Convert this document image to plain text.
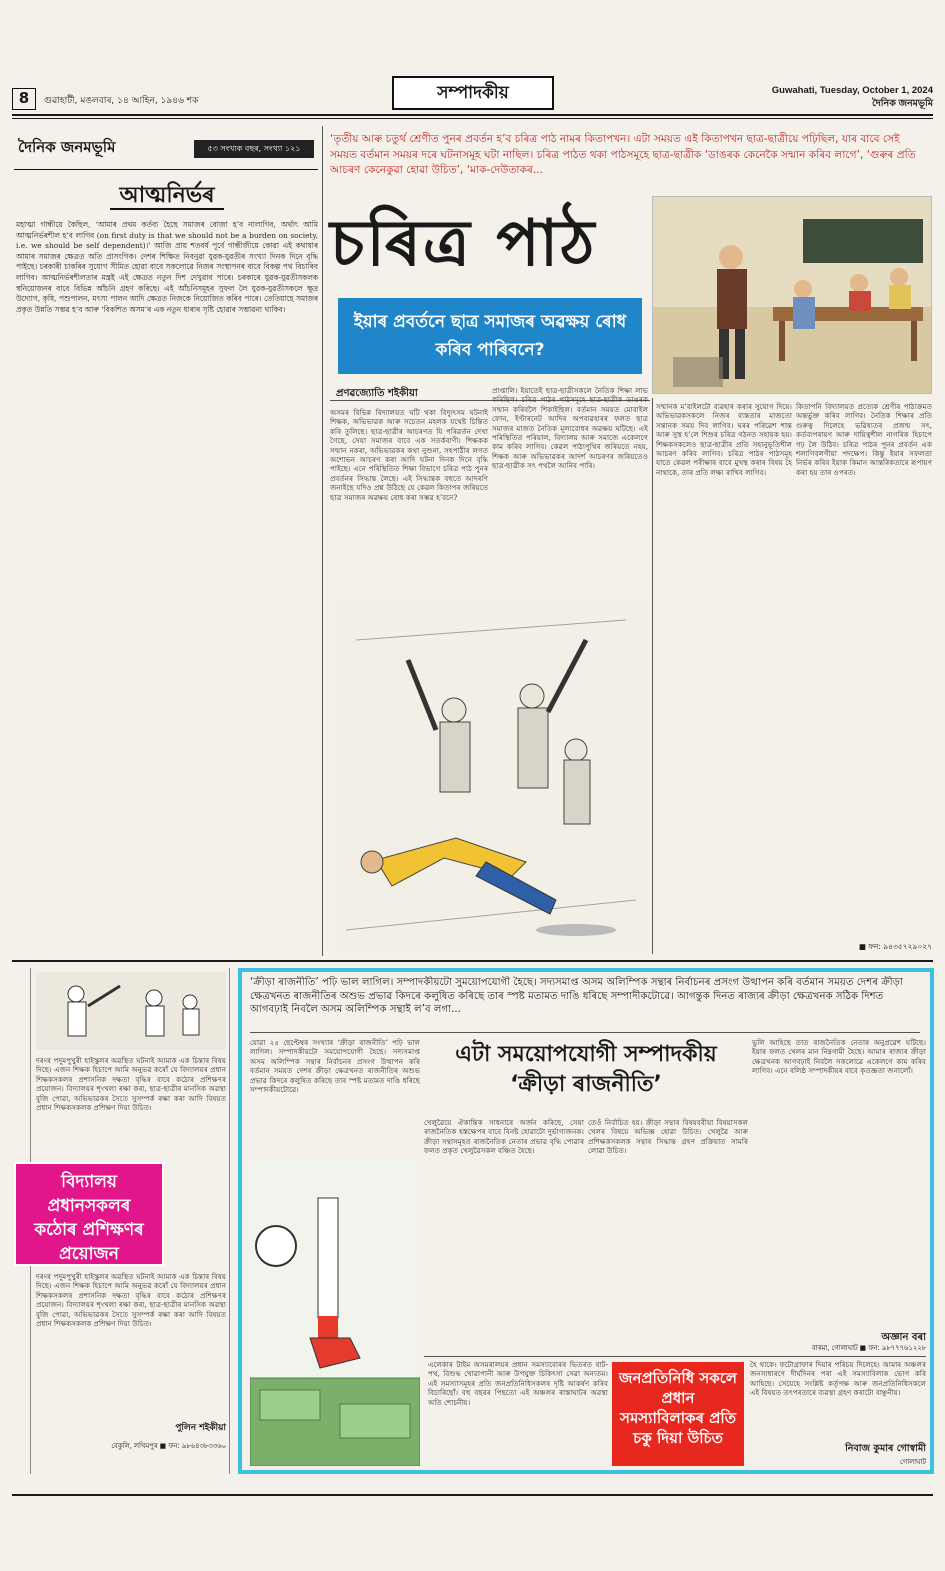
8	গুৱাহাটী, মঙলবাৰ, ১৪ আহিন, ১৯৪৬ শক	সম্পাদকীয়	Guwahati, Tuesday, October 1, 2024
দৈনিক জনমভূমি
দৈনিক জনমভূমি	৫৩ সংখ্যক বছৰ, সংখ্যা ১২১
আত্মনিৰ্ভৰ
মহাত্মা গান্ধীয়ে কৈছিল, ‘আমাৰ প্ৰথম কৰ্তব্য হৈছে সমাজৰ বোজা হ’ব নালাগিব, অৰ্থাৎ আমি আত্মনিৰ্ভৰশীল হ’ব লাগিব (on first duty is that we should not be a burden on society, i.e. we should be self dependent)।’ আজি প্ৰায় শতবৰ্ষ পূৰ্বে গান্ধীজীয়ে কোৱা এই কথাষাৰ আমাৰ সমাজৰ ক্ষেত্ৰত অতি প্ৰাসংগিক। দেশৰ শিক্ষিত নিবনুৱা যুৱক-যুৱতীৰ সংখ্যা দিনক দিনে বৃদ্ধি পাইছে। চৰকাৰী চাকৰিৰ সুযোগ সীমিত হোৱা বাবে সকলোৱে নিজৰ সংস্থাপনৰ বাবে বিকল্প পথ বিচাৰিব লাগিব। আত্মনিৰ্ভৰশীলতাৰ মন্ত্ৰই এই ক্ষেত্ৰত নতুন দিশ দেখুৱাব পাৰে। চৰকাৰে যুৱক-যুৱতীসকলক স্বনিয়োজনৰ বাবে বিভিন্ন আঁচনি গ্ৰহণ কৰিছে। এই আঁচনিসমূহৰ সুফল লৈ যুৱক-যুৱতীসকলে ক্ষুদ্ৰ উদ্যোগ, কৃষি, পশুপালন, মৎস্য পালন আদি ক্ষেত্ৰত নিজকে নিয়োজিত কৰিব পাৰে। তেতিয়াহে সমাজৰ প্ৰকৃত উন্নতি সম্ভৱ হ’ব আৰু ‘বিকশিত অসম’ৰ এক নতুন ধাৰাৰ সৃষ্টি হোৱাৰ সম্ভাৱনা থাকিব।
‘তৃতীয় আৰু চতুৰ্থ শ্ৰেণীত পুনৰ প্ৰবৰ্তন হ’ব চৰিত্ৰ পাঠ নামৰ কিতাপখন। এটা সময়ত এই কিতাপখন ছাত্ৰ-ছাত্ৰীয়ে পঢ়িছিল, যাৰ বাবে সেই সময়ত বৰ্তমান সময়ৰ দৰে ঘটনাসমূহ ঘটা নাছিল। চৰিত্ৰ পাঠত থকা পাঠসমূহে ছাত্ৰ-ছাত্ৰীক ‘ডাঙৰক কেনেকৈ সন্মান কৰিব লাগে’, ‘গুৰুৰ প্ৰতি আচৰণ কেনেকুৱা হোৱা উচিত’, ‘মাক-দেউতাকৰ...
চৰিত্ৰ পাঠ
ইয়াৰ প্ৰবৰ্তনে ছাত্ৰ সমাজৰ অৱক্ষয় ৰোধ কৰিব পাৰিবনে?
প্ৰণৱজ্যোতি শইকীয়া
অসমৰ বিভিন্ন বিদ্যালয়ত ঘটি থকা বিদ্যুৎসম ঘটনাই শিক্ষক, অভিভাৱক আৰু সচেতন মহলক যথেষ্ট চিন্তিত কৰি তুলিছে। ছাত্ৰ-ছাত্ৰীৰ আচৰণত যি পৰিৱৰ্তন দেখা গৈছে, সেয়া সমাজৰ বাবে এক সতৰ্কবাণী। শিক্ষকক সন্মান নকৰা, অভিভাৱকৰ কথা নুশুনা, সহপাঠীৰ লগত অশোভন আচৰণ কৰা আদি ঘটনা দিনক দিনে বৃদ্ধি পাইছে। এনে পৰিস্থিতিত শিক্ষা বিভাগে চৰিত্ৰ পাঠ পুনৰ প্ৰবৰ্তনৰ সিদ্ধান্ত লৈছে। এই সিদ্ধান্তক বহুতে আদৰণি জনাইছে যদিও প্ৰশ্ন উঠিছে যে কেৱল কিতাপৰ জৰিয়তে ছাত্ৰ সমাজৰ অৱক্ষয় ৰোধ কৰা সম্ভৱ হ’বনে?
প্ৰাপ্তালি। ইয়াতেই ছাত্ৰ-ছাত্ৰীসকলে নৈতিক শিক্ষা লাভ কৰিছিল। চৰিত্ৰ পাঠৰ পাঠসমূহে ছাত্ৰ-ছাত্ৰীক ডাঙৰক সন্মান কৰিবলৈ শিকাইছিল। বৰ্তমান সময়ত মোবাইল ফোন, ইণ্টাৰনেট আদিৰ অপব্যৱহাৰৰ ফলত ছাত্ৰ সমাজৰ মাজত নৈতিক মূল্যবোধৰ অৱক্ষয় ঘটিছে। এই পৰিস্থিতিত পৰিয়াল, বিদ্যালয় আৰু সমাজে একেলগে কাম কৰিব লাগিব। কেৱল পাঠ্যপুথিৰ জৰিয়তে নহয়, শিক্ষক আৰু অভিভাৱকৰ আদৰ্শ আচৰণৰ জৰিয়তেও ছাত্ৰ-ছাত্ৰীক সৎ পথলৈ আনিব পাৰি।
সন্মানক ম’বাইলটো ব্যৱহাৰ কৰাৰ সুযোগ দিয়ে। অভিভাৱকসকলে নিজৰ ব্যস্ততাৰ মাজতো সন্তানক সময় দিব লাগিব। ঘৰৰ পৰিৱেশ শান্ত আৰু সুস্থ হ’লে শিশুৰ চৰিত্ৰ গঠনত সহায়ক হয়। শিক্ষকসকলেও ছাত্ৰ-ছাত্ৰীৰ প্ৰতি সহানুভূতিশীল আচৰণ কৰিব লাগিব। চৰিত্ৰ পাঠৰ পাঠসমূহ যাতে কেৱল পৰীক্ষাৰ বাবে মুখস্থ কৰাৰ বিষয় হৈ নাথাকে, তাৰ প্ৰতি লক্ষ্য ৰাখিব লাগিব।
কিতাপনি বিদ্যালয়ত প্ৰত্যেক শ্ৰেণীৰ পাঠ্যক্ৰমত অন্তৰ্ভুক্ত কৰিব লাগিব। নৈতিক শিক্ষাৰ প্ৰতি গুৰুত্ব দিলেহে ভৱিষ্যতৰ প্ৰজন্ম সৎ, কৰ্তব্যপৰায়ণ আৰু দায়িত্বশীল নাগৰিক হিচাপে গঢ় লৈ উঠিব। চৰিত্ৰ পাঠৰ পুনৰ প্ৰবৰ্তন এক শলাগিবলগীয়া পদক্ষেপ। কিন্তু ইয়াৰ সফলতা নিৰ্ভৰ কৰিব ইয়াক কিমান আন্তৰিকতাৰে ৰূপায়ণ কৰা হয় তাৰ ওপৰত।
■ ফন: ৯৪৩৫৭২৯০২৭
দৰংৰ পদুমপুখুৰী হাইস্কুলৰ অৱস্থিত ঘটনাই আমাক এক চিন্তাৰ বিষয় দিছে। এজন শিক্ষক হিচাপে আমি অনুভৱ কৰোঁ যে বিদ্যালয়ৰ প্ৰধান শিক্ষকসকলৰ প্ৰশাসনিক দক্ষতা বৃদ্ধিৰ বাবে কঠোৰ প্ৰশিক্ষণৰ প্ৰয়োজন। বিদ্যালয়ৰ শৃংখলা ৰক্ষা কৰা, ছাত্ৰ-ছাত্ৰীৰ মানসিক অৱস্থা বুজি পোৱা, অভিভাৱকৰ সৈতে সুসম্পৰ্ক ৰক্ষা কৰা আদি বিষয়ত প্ৰধান শিক্ষকসকলক প্ৰশিক্ষণ দিয়া উচিত।
বিদ্যালয় প্ৰধানসকলৰ কঠোৰ প্ৰশিক্ষণৰ প্ৰয়োজন
দৰংৰ পদুমপুখুৰী হাইস্কুলৰ অৱস্থিত ঘটনাই আমাক এক চিন্তাৰ বিষয় দিছে। এজন শিক্ষক হিচাপে আমি অনুভৱ কৰোঁ যে বিদ্যালয়ৰ প্ৰধান শিক্ষকসকলৰ প্ৰশাসনিক দক্ষতা বৃদ্ধিৰ বাবে কঠোৰ প্ৰশিক্ষণৰ প্ৰয়োজন। বিদ্যালয়ৰ শৃংখলা ৰক্ষা কৰা, ছাত্ৰ-ছাত্ৰীৰ মানসিক অৱস্থা বুজি পোৱা, অভিভাৱকৰ সৈতে সুসম্পৰ্ক ৰক্ষা কৰা আদি বিষয়ত প্ৰধান শিক্ষকসকলক প্ৰশিক্ষণ দিয়া উচিত।
পুলিন শইকীয়া
বেকুলি, লখিমপুৰ ■ ফন: ৯৮৬৪৩৮৩৩৬০
‘ক্ৰীড়া ৰাজনীতি’ পঢ়ি ভাল লাগিল। সম্পাদকীয়টো সুময়োপযোগী হৈছে। সদ্যসমাপ্ত অসম অলিম্পিক সন্থাৰ নিৰ্বাচনৰ প্ৰসংগ উত্থাপন কৰি বৰ্তমান সময়ত দেশৰ ক্ৰীড়া ক্ষেত্ৰখনত ৰাজনীতিৰ অশুভ প্ৰভাৱ কিদৰে কলুষিত কৰিছে তাৰ স্পষ্ট মতামত দাঙি ধৰিছে সম্পাদীকটোৱে। আগন্তুক দিনত ৰাজ্যৰ ক্ৰীড়া ক্ষেত্ৰখনক সঠিক দিশত আগবঢ়াই নিবলৈ অসম অলিম্পিক সন্থাই ল’ব লগা...
যোৱা ২৫ ছেপ্টেম্বৰ সংখ্যাৰ ‘ক্ৰীড়া ৰাজনীতি’ পঢ়ি ভাল লাগিল। সম্পাদকীয়টো সময়োপযোগী হৈছে। সদ্যসমাপ্ত অসম অলিম্পিক সন্থাৰ নিৰ্বাচনৰ প্ৰসংগ উত্থাপন কৰি বৰ্তমান সময়ত দেশৰ ক্ৰীড়া ক্ষেত্ৰখনত ৰাজনীতিৰ অশুভ প্ৰভাৱ কিদৰে কলুষিত কৰিছে তাৰ স্পষ্ট মতামত দাঙি ধৰিছে সম্পাদকীয়টোৱে।
এটা সময়োপযোগী সম্পাদকীয় ‘ক্ৰীড়া ৰাজনীতি’
খেলুৱৈয়ে ঐকান্তিক সাধনাৰে অৰ্জন কৰিছে, সেয়া ৰাজনৈতিক হস্তক্ষেপৰ বাবে বিনষ্ট হোৱাটো দুৰ্ভাগ্যজনক। ক্ৰীড়া সন্থাসমূহত ৰাজনৈতিক নেতাৰ প্ৰভাৱ বৃদ্ধি পোৱাৰ ফলত প্ৰকৃত খেলুৱৈসকল বঞ্চিত হৈছে।
তেওঁ নিৰ্বাচিত হয়। ক্ৰীড়া সন্থাৰ বিষয়ববীয়া বিষয়াসকল খেলৰ বিষয়ে অভিজ্ঞ হোৱা উচিত। খেলুৱৈ আৰু প্ৰশিক্ষকসকলক সন্থাৰ সিদ্ধান্ত গ্ৰহণ প্ৰক্ৰিয়াত সামৰি লোৱা উচিত।
ভুলি আহিছে তাত ৰাজনৈতিক নেতাৰ অনুপ্ৰৱেশ ঘটিছে। ইয়াৰ ফলত খেলৰ মান নিম্নগামী হৈছে। আমাৰ ৰাজ্যৰ ক্ৰীড়া ক্ষেত্ৰখনক আগবঢ়াই নিবলৈ সকলোৱে একেলগে কাম কৰিব লাগিব। এনে বলিষ্ঠ সম্পাদকীয়ৰ বাবে কৃতজ্ঞতা জনালোঁ।
অজ্ঞান বৰা
বাৰমা, গোলাঘাট ■ ফন: ৯৮৭৭৭৬১২২৮
এলেকাৰ টাইম অসমৰালয়ৰ প্ৰধান সমস্যাবোৰৰ ভিতৰত বাট-পথ, বিশুদ্ধ খোৱাপানী আৰু উপযুক্ত চিকিৎসা সেৱা অন্যতম। এই সমস্যাসমূহৰ প্ৰতি জনপ্ৰতিনিধিসকলৰ দৃষ্টি আকৰ্ষণ কৰিব বিচাৰিছোঁ। বহু বছৰৰ পিছতো এই অঞ্চলৰ ৰাস্তাঘাটৰ অৱস্থা অতি শোচনীয়।
জনপ্ৰতিনিধি সকলে প্ৰধান সমস্যাবিলাকৰ প্ৰতি চকু দিয়া উচিত
হৈ থাকে। ফটোগ্ৰাফাৰ দিয়াৰ পৰিচয় দিলেহে। আমাৰ অঞ্চলৰ জনসাধাৰণে দীৰ্ঘদিনৰ পৰা এই সমস্যাবিলাক ভোগ কৰি আহিছে। সেয়েহে সংশ্লিষ্ট কৰ্তৃপক্ষ আৰু জনপ্ৰতিনিধিসকলে এই বিষয়ত তৎপৰতাৰে ব্যৱস্থা গ্ৰহণ কৰাটো বাঞ্ছনীয়।
নিবাজ কুমাৰ গোস্বামী
গোলাঘাট
